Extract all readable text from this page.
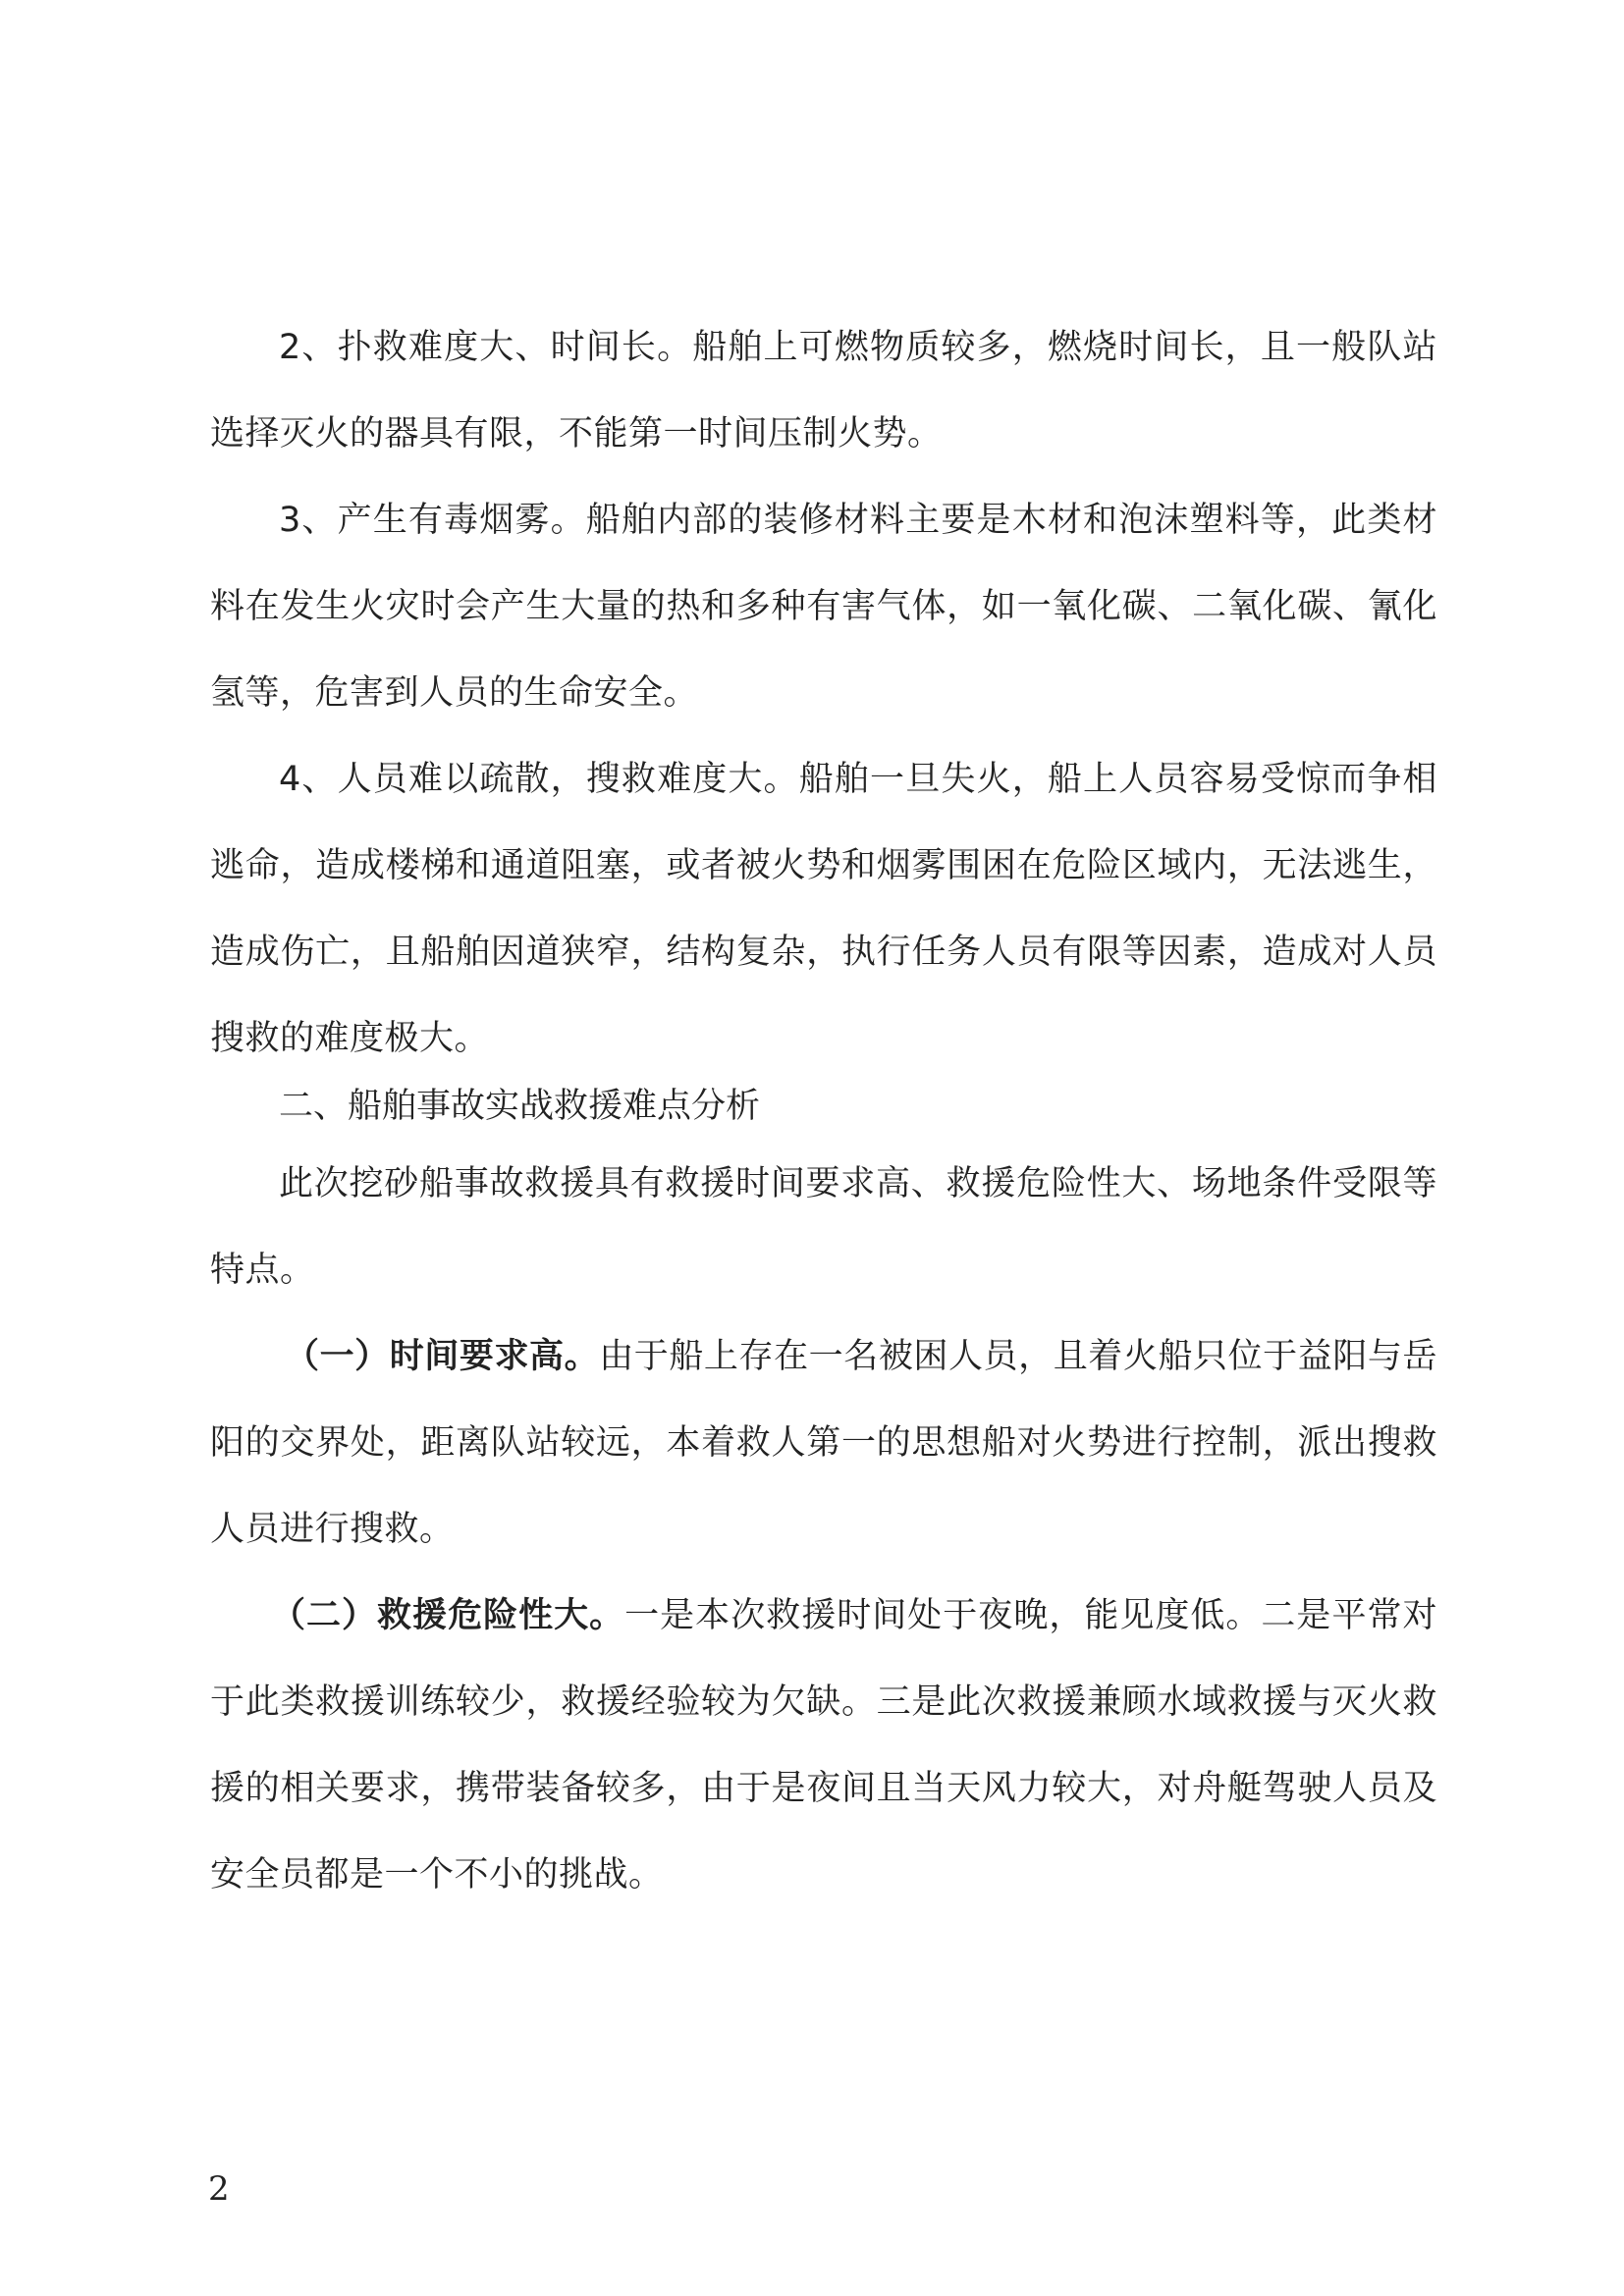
2、扑救难度大、时间长。船舶上可燃物质较多，燃烧时间长，且一般队站选择灭火的器具有限，不能第一时间压制火势。

3、产生有毒烟雾。船舶内部的装修材料主要是木材和泡沫塑料等，此类材料在发生火灾时会产生大量的热和多种有害气体，如一氧化碳、二氧化碳、氰化氢等，危害到人员的生命安全。

4、人员难以疏散，搜救难度大。船舶一旦失火，船上人员容易受惊而争相逃命，造成楼梯和通道阻塞，或者被火势和烟雾围困在危险区域内，无法逃生，造成伤亡，且船舶因道狭窄，结构复杂，执行任务人员有限等因素，造成对人员搜救的难度极大。

二、船舶事故实战救援难点分析

此次挖砂船事故救援具有救援时间要求高、救援危险性大、场地条件受限等特点。

（一）时间要求高。由于船上存在一名被困人员，且着火船只位于益阳与岳阳的交界处，距离队站较远，本着救人第一的思想船对火势进行控制，派出搜救人员进行搜救。

（二）救援危险性大。一是本次救援时间处于夜晚，能见度低。二是平常对于此类救援训练较少，救援经验较为欠缺。三是此次救援兼顾水域救援与灭火救援的相关要求，携带装备较多，由于是夜间且当天风力较大，对舟艇驾驶人员及安全员都是一个不小的挑战。

2
